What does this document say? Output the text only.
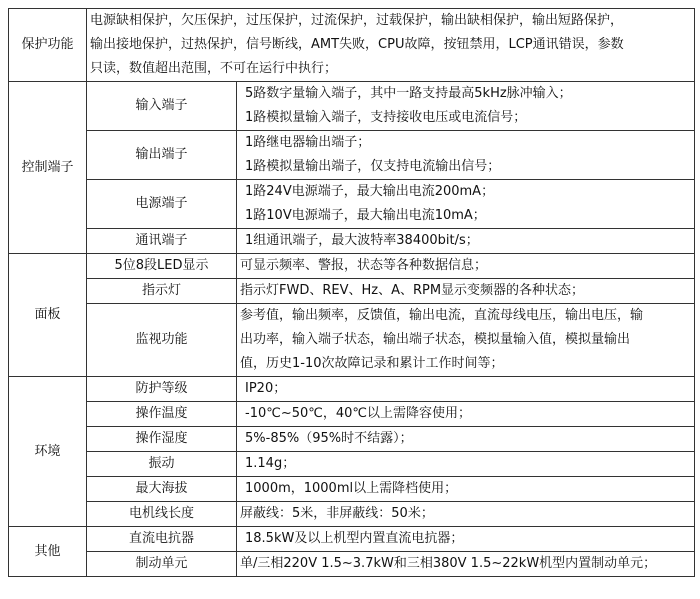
保护功能	电源缺相保护，欠压保护，过压保护，过流保护，过载保护，输出缺相保护，输出短路保护，
输出接地保护，过热保护，信号断线，AMT失败，CPU故障，按钮禁用，LCP通讯错误，参数
只读，数值超出范围，不可在运行中执行；	

控制端子	输入端子	5路数字量输入端子，其中一路支持最高5kHz脉冲输入；
1路模拟量输入端子，支持接收电压或电流信号；

	输出端子	1路继电器输出端子；
1路模拟量输出端子，仅支持电流输出信号；

	电源端子	1路24V电源端子，最大输出电流200mA；
1路10V电源端子，最大输出电流10mA；

	通讯端子	1组通讯端子，最大波特率38400bit/s；

面板	5位8段LED显示	可显示频率、警报，状态等各种数据信息；

	指示灯	指示灯FWD、REV、Hz、A、RPM显示变频器的各种状态；

	监视功能	参考值，输出频率，反馈值，输出电流，直流母线电压，输出电压，输
出功率，输入端子状态，输出端子状态，模拟量输入值，模拟量输出
值，历史1-10次故障记录和累计工作时间等；

环境	防护等级	IP20；
	操作温度	-10℃~50℃，40℃以上需降容使用；
	操作湿度	5%-85%（95%时不结露）；
	振动	1.14g；
	最大海拔	1000m，1000ml以上需降档使用；
	电机线长度	屏蔽线：5米，非屏蔽线：50米；
其他	直流电抗器	18.5kW及以上机型内置直流电抗器；
	制动单元	单/三相220V 1.5~3.7kW和三相380V 1.5~22kW机型内置制动单元；
